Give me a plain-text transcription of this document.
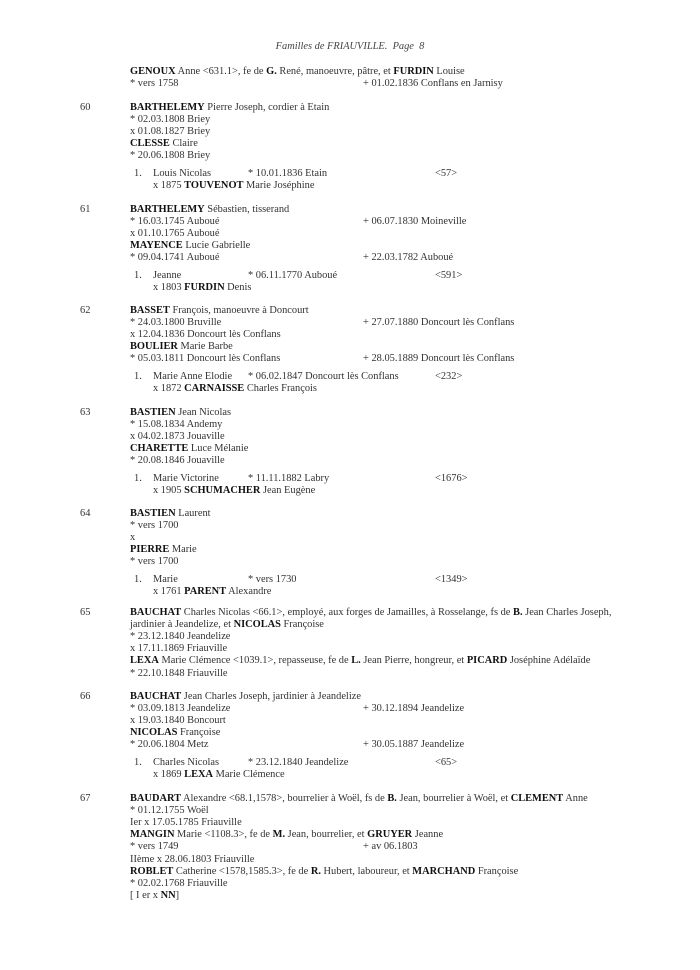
Familles de FRIAUVILLE.  Page 8
GENOUX Anne <631.1>, fe de G. René, manoeuvre, pâtre, et FURDIN Louise
* vers 1758	+ 01.02.1836 Conflans en Jarnisy
60	BARTHELEMY Pierre Joseph, cordier à Etain
* 02.03.1808 Briey
x 01.08.1827 Briey
CLESSE Claire
* 20.06.1808 Briey
1. Louis Nicolas	* 10.01.1836 Etain	<57>
x 1875 TOUVENOT Marie Joséphine
61	BARTHELEMY Sébastien, tisserand
* 16.03.1745 Auboué	+ 06.07.1830 Moineville
x 01.10.1765 Auboué
MAYENCE Lucie Gabrielle
* 09.04.1741 Auboué	+ 22.03.1782 Auboué
1. Jeanne	* 06.11.1770 Auboué	<591>
x 1803 FURDIN Denis
62	BASSET François, manoeuvre à Doncourt
* 24.03.1800 Bruville	+ 27.07.1880 Doncourt lès Conflans
x 12.04.1836 Doncourt lès Conflans
BOULIER Marie Barbe
* 05.03.1811 Doncourt lès Conflans	+ 28.05.1889 Doncourt lès Conflans
1. Marie Anne Elodie * 06.02.1847 Doncourt lès Conflans	<232>
x 1872 CARNAISSE Charles François
63	BASTIEN Jean Nicolas
* 15.08.1834 Andemy
x 04.02.1873 Jouaville
CHARETTE Luce Mélanie
* 20.08.1846 Jouaville
1. Marie Victorine	* 11.11.1882 Labry	<1676>
x 1905 SCHUMACHER Jean Eugène
64	BASTIEN Laurent
* vers 1700
x
PIERRE Marie
* vers 1700
1. Marie	* vers 1730	<1349>
x 1761 PARENT Alexandre
65	BAUCHAT Charles Nicolas <66.1>, employé, aux forges de Jamailles, à Rosselange, fs de B. Jean Charles Joseph,
jardinier à Jeandelize, et NICOLAS Françoise
* 23.12.1840 Jeandelize
x 17.11.1869 Friauville
LEXA Marie Clémence <1039.1>, repasseuse, fe de L. Jean Pierre, hongreur, et PICARD Joséphine Adélaïde
* 22.10.1848 Friauville
66	BAUCHAT Jean Charles Joseph, jardinier à Jeandelize
* 03.09.1813 Jeandelize	+ 30.12.1894 Jeandelize
x 19.03.1840 Boncourt
NICOLAS Françoise
* 20.06.1804 Metz	+ 30.05.1887 Jeandelize
1. Charles Nicolas	* 23.12.1840 Jeandelize	<65>
x 1869 LEXA Marie Clémence
67	BAUDART Alexandre <68.1,1578>, bourrelier à Woël, fs de B. Jean, bourrelier à Woël, et CLEMENT Anne
* 01.12.1755 Woël
Ier x 17.05.1785 Friauville
MANGIN Marie <1108.3>, fe de M. Jean, bourrelier, et GRUYER Jeanne
* vers 1749	+ av 06.1803
IIème x 28.06.1803 Friauville
ROBLET Catherine <1578,1585.3>, fe de R. Hubert, laboureur, et MARCHAND Françoise
* 02.02.1768 Friauville
[ I er x NN]
